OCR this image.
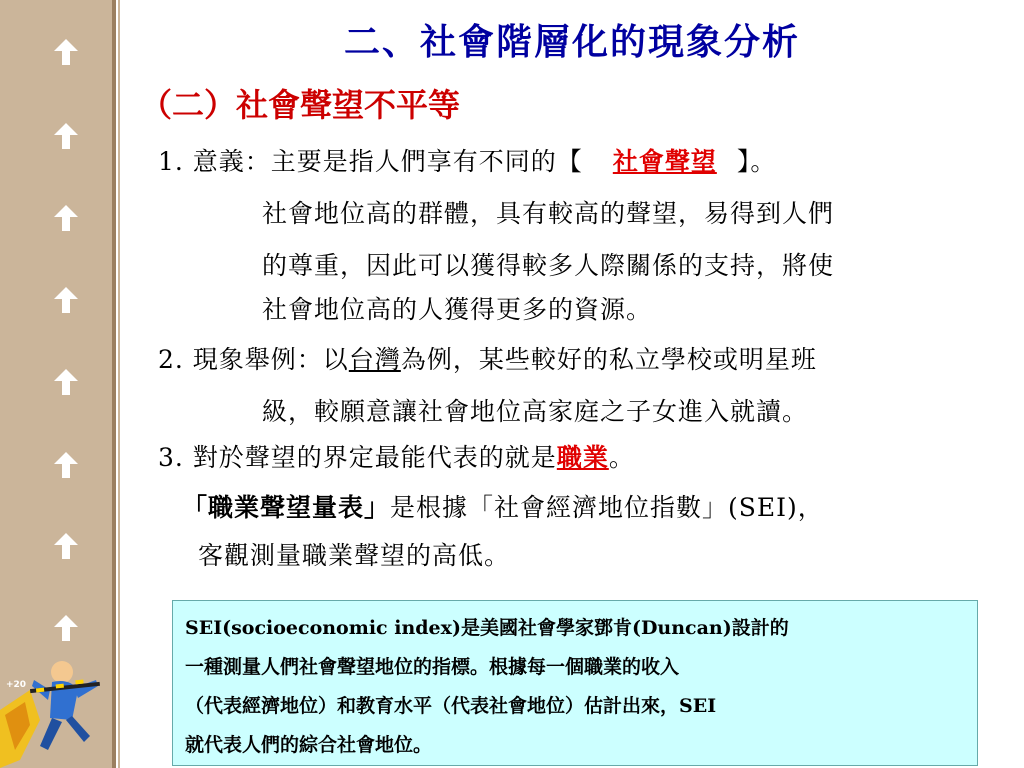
+20
二、社會階層化的現象分析
（二）社會聲望不平等
1. 意義：主要是指人們享有不同的【 社會聲望 】。
社會地位高的群體，具有較高的聲望，易得到人們
的尊重，因此可以獲得較多人際關係的支持，將使
社會地位高的人獲得更多的資源。
2. 現象舉例：以台灣為例，某些較好的私立學校或明星班
級，較願意讓社會地位高家庭之子女進入就讀。
3. 對於聲望的界定最能代表的就是職業。
「職業聲望量表」是根據「社會經濟地位指數」(SEI)，
客觀測量職業聲望的高低。
SEI(socioeconomic index)是美國社會學家鄧肯(Duncan)設計的
一種測量人們社會聲望地位的指標。根據每一個職業的收入
（代表經濟地位）和教育水平（代表社會地位）估計出來，SEI
就代表人們的綜合社會地位。
